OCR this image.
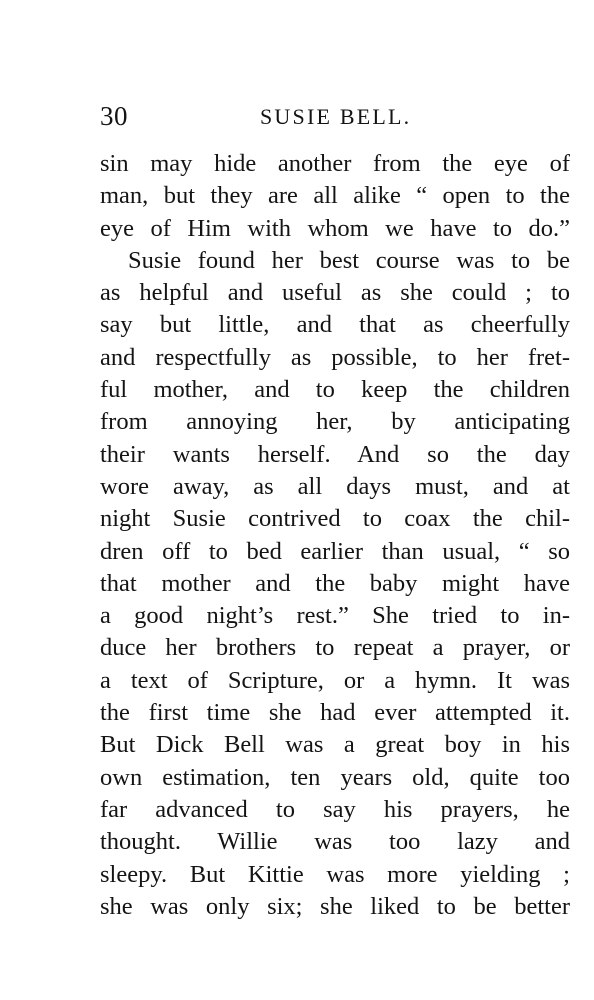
30	SUSIE BELL.
sin may hide another from the eye of
man, but they are all alike “ open to the
eye of Him with whom we have to do.”
Susie found her best course was to be
as helpful and useful as she could ; to
say but little, and that as cheerfully
and respectfully as possible, to her fret-
ful mother, and to keep the children
from annoying her, by anticipating
their wants herself. And so the day
wore away, as all days must, and at
night Susie contrived to coax the chil-
dren off to bed earlier than usual, “ so
that mother and the baby might have
a good night’s rest.” She tried to in-
duce her brothers to repeat a prayer, or
a text of Scripture, or a hymn. It was
the first time she had ever attempted it.
But Dick Bell was a great boy in his
own estimation, ten years old, quite too
far advanced to say his prayers, he
thought. Willie was too lazy and
sleepy. But Kittie was more yielding ;
she was only six; she liked to be better
